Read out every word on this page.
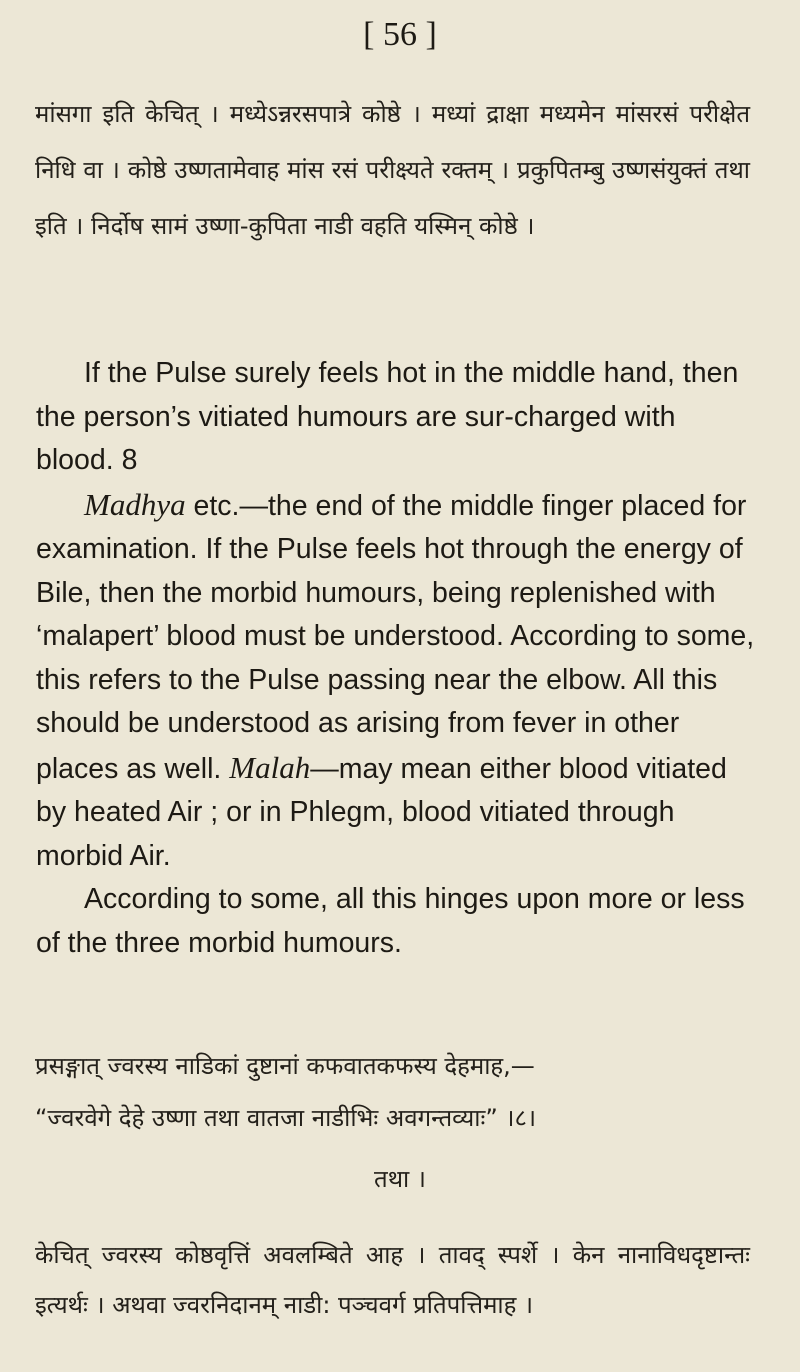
[ 56 ]
मांसगा इति केचित् । मध्येऽन्नरसपात्रे कोष्ठे । मध्यां द्राक्षा मध्यमेन मांसरसं परीक्षेत निधि वा । कोष्ठे उष्णतामेवाह मांस रसं परीक्ष्यते रक्तम् । प्रकुपितम्बु उष्णसंयुक्तं तथा इति । निर्दोष सामं उष्णा-कुपिता नाडी वहति यस्मिन् कोष्ठे ।

If the Pulse surely feels hot in the middle hand, then the person’s vitiated humours are sur-charged with blood. 8

Madhya etc.—the end of the middle finger placed for examination. If the Pulse feels hot through the energy of Bile, then the morbid humours, being replenished with ‘malapert’ blood must be understood. According to some, this refers to the Pulse passing near the elbow. All this should be understood as arising from fever in other places as well. Malah—may mean either blood vitiated by heated Air ; or in Phlegm, blood vitiated through morbid Air.

According to some, all this hinges upon more or less of the three morbid humours.

प्रसङ्गात् ज्वरस्य नाडिकां दुष्टानां कफवातकफस्य देहमाह,—
“ज्वरवेगे देहे उष्णा तथा वातजा नाडीभिः अवगन्तव्याः” ।८।
तथा ।
केचित् ज्वरस्य कोष्ठवृत्तिं अवलम्बिते आह । तावद् स्पर्शे । केन नानाविधदृष्टान्तः इत्यर्थः । अथवा ज्वरनिदानम् नाडी: पञ्चवर्ग प्रतिपत्तिमाह ।
